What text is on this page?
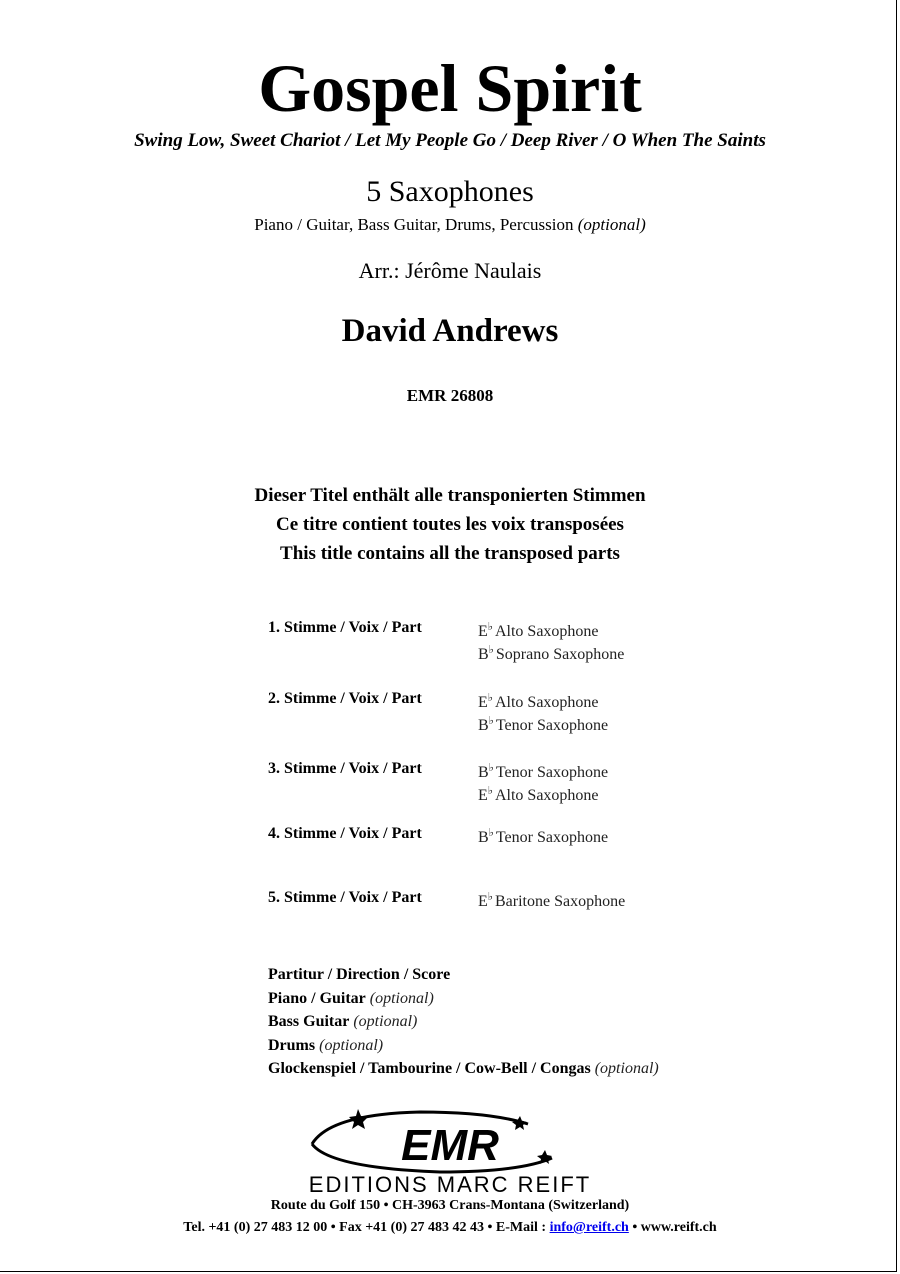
Gospel Spirit
Swing Low, Sweet Chariot / Let My People Go / Deep River / O When The Saints
5 Saxophones
Piano / Guitar, Bass Guitar, Drums, Percussion (optional)
Arr.: Jérôme Naulais
David Andrews
EMR 26808
Dieser Titel enthält alle transponierten Stimmen
Ce titre contient toutes les voix transposées
This title contains all the transposed parts
1. Stimme / Voix / Part	E♭ Alto Saxophone
B♭ Soprano Saxophone
2. Stimme / Voix / Part	E♭ Alto Saxophone
B♭ Tenor Saxophone
3. Stimme / Voix / Part	B♭ Tenor Saxophone
E♭ Alto Saxophone
4. Stimme / Voix / Part	B♭ Tenor Saxophone
5. Stimme / Voix / Part	E♭ Baritone Saxophone
Partitur / Direction / Score
Piano / Guitar (optional)
Bass Guitar (optional)
Drums (optional)
Glockenspiel / Tambourine / Cow-Bell / Congas (optional)
EMR
EDITIONS MARC REIFT
Route du Golf 150 • CH-3963 Crans-Montana (Switzerland)
Tel. +41 (0) 27 483 12 00 • Fax +41 (0) 27 483 42 43 • E-Mail : info@reift.ch • www.reift.ch
